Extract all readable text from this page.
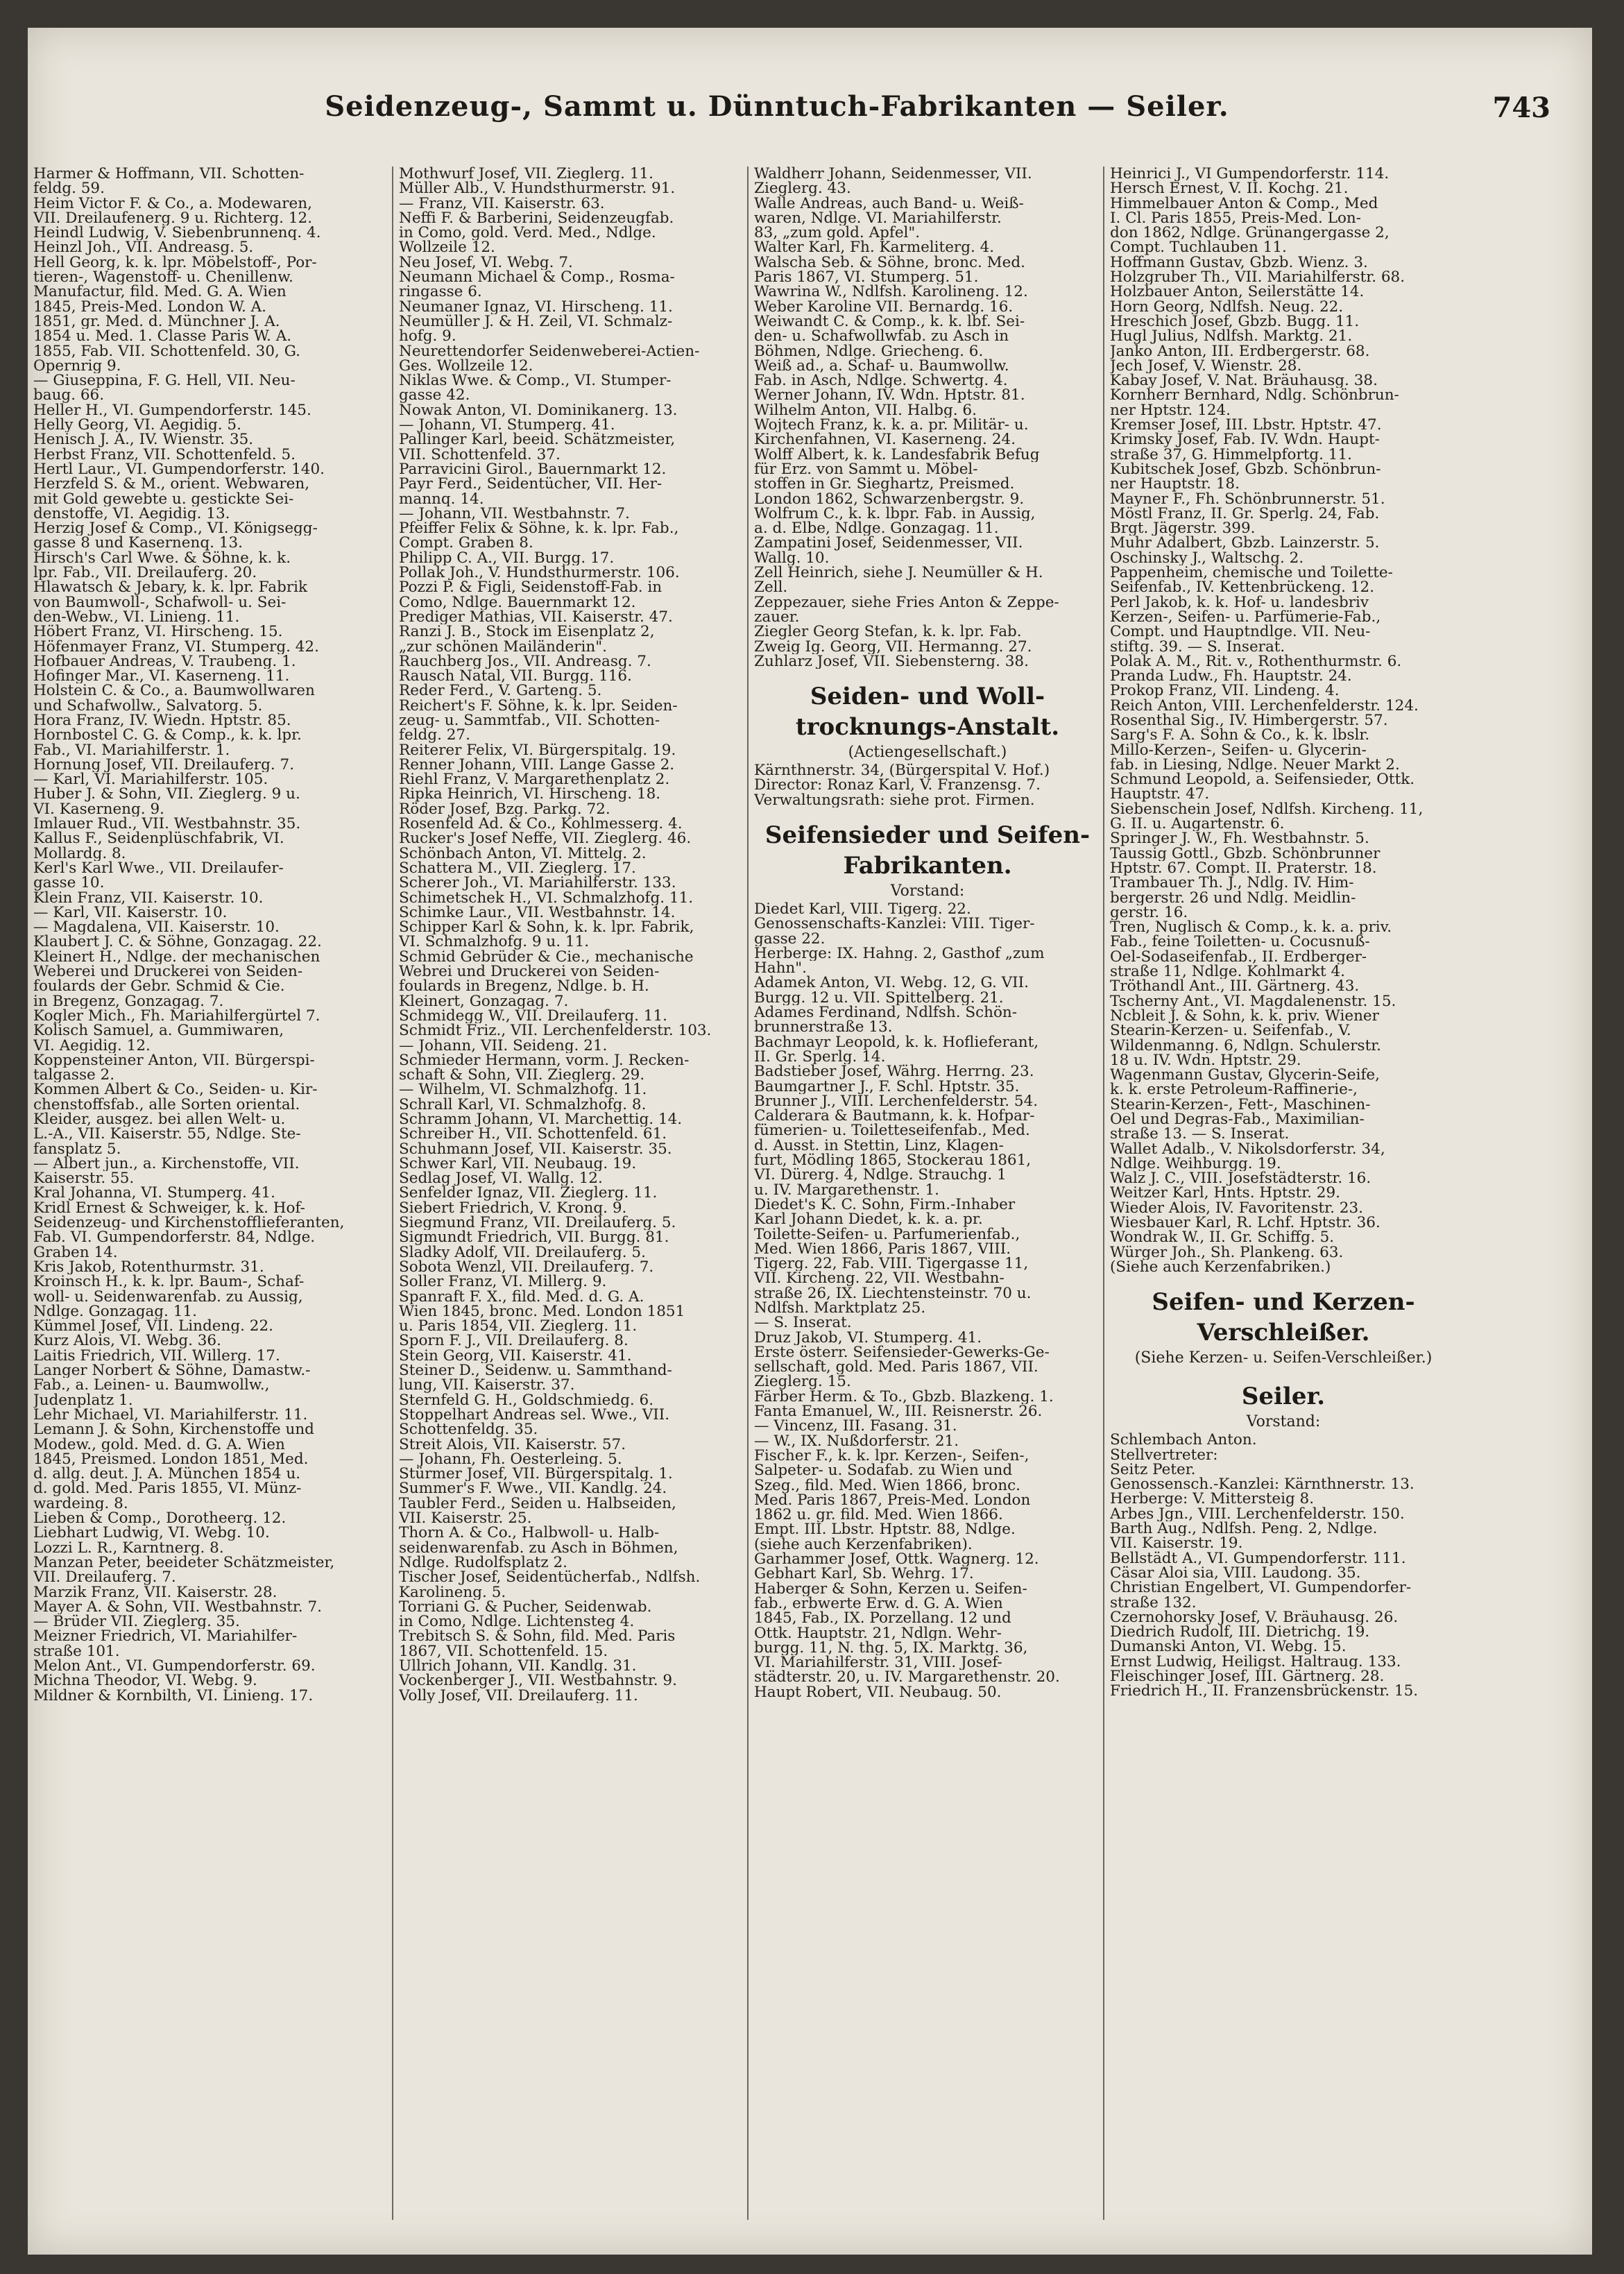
Seidenzeug-, Sammt u. Dünntuch-Fabrikanten — Seiler.	743
Harmer & Hoffmann, VII. Schotten-
feldg. 59.
Heim Victor F. & Co., a. Modewaren,
VII. Dreilaufenerg. 9 u. Richterg. 12.
Heindl Ludwig, V. Siebenbrunnenq. 4.
Heinzl Joh., VII. Andreasg. 5.
Hell Georg, k. k. lpr. Möbelstoff-, Por-
tieren-, Wagenstoff- u. Chenillenw.
Manufactur, fild. Med. G. A. Wien
1845, Preis-Med. London W. A.
1851, gr. Med. d. Münchner J. A.
1854 u. Med. 1. Classe Paris W. A.
1855, Fab. VII. Schottenfeld. 30, G.
Opernrig 9.
— Giuseppina, F. G. Hell, VII. Neu-
baug. 66.
Heller H., VI. Gumpendorferstr. 145.
Helly Georg, VI. Aegidig. 5.
Henisch J. A., IV. Wienstr. 35.
Herbst Franz, VII. Schottenfeld. 5.
Hertl Laur., VI. Gumpendorferstr. 140.
Herzfeld S. & M., orient. Webwaren,
mit Gold gewebte u. gestickte Sei-
denstoffe, VI. Aegidig. 13.
Herzig Josef & Comp., VI. Königsegg-
gasse 8 und Kasernenq. 13.
Hirsch's Carl Wwe. & Söhne, k. k.
lpr. Fab., VII. Dreilauferg. 20.
Hlawatsch & Jebary, k. k. lpr. Fabrik
von Baumwoll-, Schafwoll- u. Sei-
den-Webw., VI. Linieng. 11.
Höbert Franz, VI. Hirscheng. 15.
Höfenmayer Franz, VI. Stumperg. 42.
Hofbauer Andreas, V. Traubeng. 1.
Hofinger Mar., VI. Kaserneng. 11.
Holstein C. & Co., a. Baumwollwaren
und Schafwollw., Salvatorg. 5.
Hora Franz, IV. Wiedn. Hptstr. 85.
Hornbostel C. G. & Comp., k. k. lpr.
Fab., VI. Mariahilferstr. 1.
Hornung Josef, VII. Dreilauferg. 7.
— Karl, VI. Mariahilferstr. 105.
Huber J. & Sohn, VII. Zieglerg. 9 u.
VI. Kaserneng. 9.
Imlauer Rud., VII. Westbahnstr. 35.
Kallus F., Seidenplüschfabrik, VI.
Mollardg. 8.
Kerl's Karl Wwe., VII. Dreilaufer-
gasse 10.
Klein Franz, VII. Kaiserstr. 10.
— Karl, VII. Kaiserstr. 10.
— Magdalena, VII. Kaiserstr. 10.
Klaubert J. C. & Söhne, Gonzagag. 22.
Kleinert H., Ndlge. der mechanischen
Weberei und Druckerei von Seiden-
foulards der Gebr. Schmid & Cie.
in Bregenz, Gonzagag. 7.
Kogler Mich., Fh. Mariahilfergürtel 7.
Kolisch Samuel, a. Gummiwaren,
VI. Aegidig. 12.
Koppensteiner Anton, VII. Bürgerspi-
talgasse 2.
Kommen Albert & Co., Seiden- u. Kir-
chenstoffsfab., alle Sorten oriental.
Kleider, ausgez. bei allen Welt- u.
L.-A., VII. Kaiserstr. 55, Ndlge. Ste-
fansplatz 5.
— Albert jun., a. Kirchenstoffe, VII.
Kaiserstr. 55.
Kral Johanna, VI. Stumperg. 41.
Kridl Ernest & Schweiger, k. k. Hof-
Seidenzeug- und Kirchenstofflieferanten,
Fab. VI. Gumpendorferstr. 84, Ndlge.
Graben 14.
Kris Jakob, Rotenthurmstr. 31.
Kroinsch H., k. k. lpr. Baum-, Schaf-
woll- u. Seidenwarenfab. zu Aussig,
Ndlge. Gonzagag. 11.
Kümmel Josef, VII. Lindeng. 22.
Kurz Alois, VI. Webg. 36.
Laitis Friedrich, VII. Willerg. 17.
Langer Norbert & Söhne, Damastw.-
Fab., a. Leinen- u. Baumwollw.,
Judenplatz 1.
Lehr Michael, VI. Mariahilferstr. 11.
Lemann J. & Sohn, Kirchenstoffe und
Modew., gold. Med. d. G. A. Wien
1845, Preismed. London 1851, Med.
d. allg. deut. J. A. München 1854 u.
d. gold. Med. Paris 1855, VI. Münz-
wardeing. 8.
Lieben & Comp., Dorotheerg. 12.
Liebhart Ludwig, VI. Webg. 10.
Lozzi L. R., Karntnerg. 8.
Manzan Peter, beeideter Schätzmeister,
VII. Dreilauferg. 7.
Marzik Franz, VII. Kaiserstr. 28.
Mayer A. & Sohn, VII. Westbahnstr. 7.
— Brüder VII. Zieglerg. 35.
Meizner Friedrich, VI. Mariahilfer-
straße 101.
Melon Ant., VI. Gumpendorferstr. 69.
Michna Theodor, VI. Webg. 9.
Mildner & Kornbilth, VI. Linieng. 17.
Mothwurf Josef, VII. Zieglerg. 11.
Müller Alb., V. Hundsthurmerstr. 91.
— Franz, VII. Kaiserstr. 63.
Neffi F. & Barberini, Seidenzeugfab.
in Como, gold. Verd. Med., Ndlge.
Wollzeile 12.
Neu Josef, VI. Webg. 7.
Neumann Michael & Comp., Rosma-
ringasse 6.
Neumaner Ignaz, VI. Hirscheng. 11.
Neumüller J. & H. Zeil, VI. Schmalz-
hofg. 9.
Neurettendorfer Seidenweberei-Actien-
Ges. Wollzeile 12.
Niklas Wwe. & Comp., VI. Stumper-
gasse 42.
Nowak Anton, VI. Dominikanerg. 13.
— Johann, VI. Stumperg. 41.
Pallinger Karl, beeid. Schätzmeister,
VII. Schottenfeld. 37.
Parravicini Girol., Bauernmarkt 12.
Payr Ferd., Seidentücher, VII. Her-
mannq. 14.
— Johann, VII. Westbahnstr. 7.
Pfeiffer Felix & Söhne, k. k. lpr. Fab.,
Compt. Graben 8.
Philipp C. A., VII. Burgg. 17.
Pollak Joh., V. Hundsthurmerstr. 106.
Pozzi P. & Figli, Seidenstoff-Fab. in
Como, Ndlge. Bauernmarkt 12.
Prediger Mathias, VII. Kaiserstr. 47.
Ranzi J. B., Stock im Eisenplatz 2,
„zur schönen Mailänderin".
Rauchberg Jos., VII. Andreasg. 7.
Rausch Natal, VII. Burgg. 116.
Reder Ferd., V. Garteng. 5.
Reichert's F. Söhne, k. k. lpr. Seiden-
zeug- u. Sammtfab., VII. Schotten-
feldg. 27.
Reiterer Felix, VI. Bürgerspitalg. 19.
Renner Johann, VIII. Lange Gasse 2.
Riehl Franz, V. Margarethenplatz 2.
Ripka Heinrich, VI. Hirscheng. 18.
Röder Josef, Bzg. Parkg. 72.
Rosenfeld Ad. & Co., Kohlmesserg. 4.
Rucker's Josef Neffe, VII. Zieglerg. 46.
Schönbach Anton, VI. Mittelg. 2.
Schattera M., VII. Zieglerg. 17.
Scherer Joh., VI. Mariahilferstr. 133.
Schimetschek H., VI. Schmalzhofg. 11.
Schimke Laur., VII. Westbahnstr. 14.
Schipper Karl & Sohn, k. k. lpr. Fabrik,
VI. Schmalzhofg. 9 u. 11.
Schmid Gebrüder & Cie., mechanische
Webrei und Druckerei von Seiden-
foulards in Bregenz, Ndlge. b. H.
Kleinert, Gonzagag. 7.
Schmidegg W., VII. Dreilauferg. 11.
Schmidt Friz., VII. Lerchenfelderstr. 103.
— Johann, VII. Seideng. 21.
Schmieder Hermann, vorm. J. Recken-
schaft & Sohn, VII. Zieglerg. 29.
— Wilhelm, VI. Schmalzhofg. 11.
Schrall Karl, VI. Schmalzhofg. 8.
Schramm Johann, VI. Marchettig. 14.
Schreiber H., VII. Schottenfeld. 61.
Schuhmann Josef, VII. Kaiserstr. 35.
Schwer Karl, VII. Neubaug. 19.
Sedlag Josef, VI. Wallg. 12.
Senfelder Ignaz, VII. Zieglerg. 11.
Siebert Friedrich, V. Kronq. 9.
Siegmund Franz, VII. Dreilauferg. 5.
Sigmundt Friedrich, VII. Burgg. 81.
Sladky Adolf, VII. Dreilauferg. 5.
Sobota Wenzl, VII. Dreilauferg. 7.
Soller Franz, VI. Millerg. 9.
Spanraft F. X., fild. Med. d. G. A.
Wien 1845, bronc. Med. London 1851
u. Paris 1854, VII. Zieglerg. 11.
Sporn F. J., VII. Dreilauferg. 8.
Stein Georg, VII. Kaiserstr. 41.
Steiner D., Seidenw. u. Sammthand-
lung, VII. Kaiserstr. 37.
Sternfeld G. H., Goldschmiedg. 6.
Stoppelhart Andreas sel. Wwe., VII.
Schottenfeldg. 35.
Streit Alois, VII. Kaiserstr. 57.
— Johann, Fh. Oesterleing. 5.
Stürmer Josef, VII. Bürgerspitalg. 1.
Summer's F. Wwe., VII. Kandlg. 24.
Taubler Ferd., Seiden u. Halbseiden,
VII. Kaiserstr. 25.
Thorn A. & Co., Halbwoll- u. Halb-
seidenwarenfab. zu Asch in Böhmen,
Ndlge. Rudolfsplatz 2.
Tischer Josef, Seidentücherfab., Ndlfsh.
Karolineng. 5.
Torriani G. & Pucher, Seidenwab.
in Como, Ndlge. Lichtensteg 4.
Trebitsch S. & Sohn, fild. Med. Paris
1867, VII. Schottenfeld. 15.
Ullrich Johann, VII. Kandlg. 31.
Vockenberger J., VII. Westbahnstr. 9.
Volly Josef, VII. Dreilauferg. 11.
Waldherr Johann, Seidenmesser, VII.
Zieglerg. 43.
Walle Andreas, auch Band- u. Weiß-
waren, Ndlge. VI. Mariahilferstr.
83, „zum gold. Apfel".
Walter Karl, Fh. Karmeliterg. 4.
Walscha Seb. & Söhne, bronc. Med.
Paris 1867, VI. Stumperg. 51.
Wawrina W., Ndlfsh. Karolineng. 12.
Weber Karoline VII. Bernardg. 16.
Weiwandt C. & Comp., k. k. lbf. Sei-
den- u. Schafwollwfab. zu Asch in
Böhmen, Ndlge. Griecheng. 6.
Weiß ad., a. Schaf- u. Baumwollw.
Fab. in Asch, Ndlge. Schwertg. 4.
Werner Johann, IV. Wdn. Hptstr. 81.
Wilhelm Anton, VII. Halbg. 6.
Wojtech Franz, k. k. a. pr. Militär- u.
Kirchenfahnen, VI. Kaserneng. 24.
Wolff Albert, k. k. Landesfabrik Befug
für Erz. von Sammt u. Möbel-
stoffen in Gr. Sieghartz, Preismed.
London 1862, Schwarzenbergstr. 9.
Wolfrum C., k. k. lbpr. Fab. in Aussig,
a. d. Elbe, Ndlge. Gonzagag. 11.
Zampatini Josef, Seidenmesser, VII.
Wallg. 10.
Zell Heinrich, siehe J. Neumüller & H.
Zell.
Zeppezauer, siehe Fries Anton & Zeppe-
zauer.
Ziegler Georg Stefan, k. k. lpr. Fab.
Zweig Ig. Georg, VII. Hermanng. 27.
Zuhlarz Josef, VII. Siebensterng. 38.
Seiden- und Woll-
trocknungs-Anstalt.
(Actiengesellschaft.)
Kärnthnerstr. 34, (Bürgerspital V. Hof.)
Director: Ronaz Karl, V. Franzensg. 7.
Verwaltungsrath: siehe prot. Firmen.
Seifensieder und Seifen-
Fabrikanten.
Vorstand:
Diedet Karl, VIII. Tigerg. 22.
Genossenschafts-Kanzlei: VIII. Tiger-
gasse 22.
Herberge: IX. Hahng. 2, Gasthof „zum
Hahn".
Adamek Anton, VI. Webg. 12, G. VII.
Burgg. 12 u. VII. Spittelberg. 21.
Adames Ferdinand, Ndlfsh. Schön-
brunnerstraße 13.
Bachmayr Leopold, k. k. Hoflieferant,
II. Gr. Sperlg. 14.
Badstieber Josef, Währg. Herrng. 23.
Baumgartner J., F. Schl. Hptstr. 35.
Brunner J., VIII. Lerchenfelderstr. 54.
Calderara & Bautmann, k. k. Hofpar-
fümerien- u. Toiletteseifenfab., Med.
d. Ausst. in Stettin, Linz, Klagen-
furt, Mödling 1865, Stockerau 1861,
VI. Dürerg. 4, Ndlge. Strauchg. 1
u. IV. Margarethenstr. 1.
Diedet's K. C. Sohn, Firm.-Inhaber
Karl Johann Diedet, k. k. a. pr.
Toilette-Seifen- u. Parfumerienfab.,
Med. Wien 1866, Paris 1867, VIII.
Tigerg. 22, Fab. VIII. Tigergasse 11,
VII. Kircheng. 22, VII. Westbahn-
straße 26, IX. Liechtensteinstr. 70 u.
Ndlfsh. Marktplatz 25.
— S. Inserat.
Druz Jakob, VI. Stumperg. 41.
Erste österr. Seifensieder-Gewerks-Ge-
sellschaft, gold. Med. Paris 1867, VII.
Zieglerg. 15.
Färber Herm. & To., Gbzb. Blazkeng. 1.
Fanta Emanuel, W., III. Reisnerstr. 26.
— Vincenz, III. Fasang. 31.
— W., IX. Nußdorferstr. 21.
Fischer F., k. k. lpr. Kerzen-, Seifen-,
Salpeter- u. Sodafab. zu Wien und
Szeg., fild. Med. Wien 1866, bronc.
Med. Paris 1867, Preis-Med. London
1862 u. gr. fild. Med. Wien 1866.
Empt. III. Lbstr. Hptstr. 88, Ndlge.
(siehe auch Kerzenfabriken).
Garhammer Josef, Ottk. Wagnerg. 12.
Gebhart Karl, Sb. Wehrg. 17.
Haberger & Sohn, Kerzen u. Seifen-
fab., erbwerte Erw. d. G. A. Wien
1845, Fab., IX. Porzellang. 12 und
Ottk. Hauptstr. 21, Ndlgn. Wehr-
burgg. 11, N. thg. 5, IX. Marktg. 36,
VI. Mariahilferstr. 31, VIII. Josef-
städterstr. 20, u. IV. Margarethenstr. 20.
Haupt Robert, VII. Neubaug. 50.
Heinrici J., VI Gumpendorferstr. 114.
Hersch Ernest, V. II. Kochg. 21.
Himmelbauer Anton & Comp., Med
I. Cl. Paris 1855, Preis-Med. Lon-
don 1862, Ndlge. Grünangergasse 2,
Compt. Tuchlauben 11.
Hoffmann Gustav, Gbzb. Wienz. 3.
Holzgruber Th., VII. Mariahilferstr. 68.
Holzbauer Anton, Seilerstätte 14.
Horn Georg, Ndlfsh. Neug. 22.
Hreschich Josef, Gbzb. Bugg. 11.
Hugl Julius, Ndlfsh. Marktg. 21.
Janko Anton, III. Erdbergerstr. 68.
Jech Josef, V. Wienstr. 28.
Kabay Josef, V. Nat. Bräuhausg. 38.
Kornherr Bernhard, Ndlg. Schönbrun-
ner Hptstr. 124.
Kremser Josef, III. Lbstr. Hptstr. 47.
Krimsky Josef, Fab. IV. Wdn. Haupt-
straße 37, G. Himmelpfortg. 11.
Kubitschek Josef, Gbzb. Schönbrun-
ner Hauptstr. 18.
Mayner F., Fh. Schönbrunnerstr. 51.
Möstl Franz, II. Gr. Sperlg. 24, Fab.
Brgt. Jägerstr. 399.
Muhr Adalbert, Gbzb. Lainzerstr. 5.
Oschinsky J., Waltschg. 2.
Pappenheim, chemische und Toilette-
Seifenfab., IV. Kettenbrückeng. 12.
Perl Jakob, k. k. Hof- u. landesbriv
Kerzen-, Seifen- u. Parfümerie-Fab.,
Compt. und Hauptndlge. VII. Neu-
stiftg. 39. — S. Inserat.
Polak A. M., Rit. v., Rothenthurmstr. 6.
Pranda Ludw., Fh. Hauptstr. 24.
Prokop Franz, VII. Lindeng. 4.
Reich Anton, VIII. Lerchenfelderstr. 124.
Rosenthal Sig., IV. Himbergerstr. 57.
Sarg's F. A. Sohn & Co., k. k. lbslr.
Millo-Kerzen-, Seifen- u. Glycerin-
fab. in Liesing, Ndlge. Neuer Markt 2.
Schmund Leopold, a. Seifensieder, Ottk.
Hauptstr. 47.
Siebenschein Josef, Ndlfsh. Kircheng. 11,
G. II. u. Augartenstr. 6.
Springer J. W., Fh. Westbahnstr. 5.
Taussig Gottl., Gbzb. Schönbrunner
Hptstr. 67. Compt. II. Praterstr. 18.
Trambauer Th. J., Ndlg. IV. Him-
bergerstr. 26 und Ndlg. Meidlin-
gerstr. 16.
Tren, Nuglisch & Comp., k. k. a. priv.
Fab., feine Toiletten- u. Cocusnuß-
Oel-Sodaseifenfab., II. Erdberger-
straße 11, Ndlge. Kohlmarkt 4.
Tröthandl Ant., III. Gärtnerg. 43.
Tscherny Ant., VI. Magdalenenstr. 15.
Ncbleit J. & Sohn, k. k. priv. Wiener
Stearin-Kerzen- u. Seifenfab., V.
Wildenmanng. 6, Ndlgn. Schulerstr.
18 u. IV. Wdn. Hptstr. 29.
Wagenmann Gustav, Glycerin-Seife,
k. k. erste Petroleum-Raffinerie-,
Stearin-Kerzen-, Fett-, Maschinen-
Oel und Degras-Fab., Maximilian-
straße 13. — S. Inserat.
Wallet Adalb., V. Nikolsdorferstr. 34,
Ndlge. Weihburgg. 19.
Walz J. C., VIII. Josefstädterstr. 16.
Weitzer Karl, Hnts. Hptstr. 29.
Wieder Alois, IV. Favoritenstr. 23.
Wiesbauer Karl, R. Lchf. Hptstr. 36.
Wondrak W., II. Gr. Schiffg. 5.
Würger Joh., Sh. Plankeng. 63.
(Siehe auch Kerzenfabriken.)
Seifen- und Kerzen-
Verschleißer.
(Siehe Kerzen- u. Seifen-Verschleißer.)
Seiler.
Vorstand:
Schlembach Anton.
Stellvertreter:
Seitz Peter.
Genossensch.-Kanzlei: Kärnthnerstr. 13.
Herberge: V. Mittersteig 8.
Arbes Jgn., VIII. Lerchenfelderstr. 150.
Barth Aug., Ndlfsh. Peng. 2, Ndlge.
VII. Kaiserstr. 19.
Bellstädt A., VI. Gumpendorferstr. 111.
Cäsar Aloi sia, VIII. Laudong. 35.
Christian Engelbert, VI. Gumpendorfer-
straße 132.
Czernohorsky Josef, V. Bräuhausg. 26.
Diedrich Rudolf, III. Dietrichg. 19.
Dumanski Anton, VI. Webg. 15.
Ernst Ludwig, Heiligst. Haltraug. 133.
Fleischinger Josef, III. Gärtnerg. 28.
Friedrich H., II. Franzensbrückenstr. 15.
